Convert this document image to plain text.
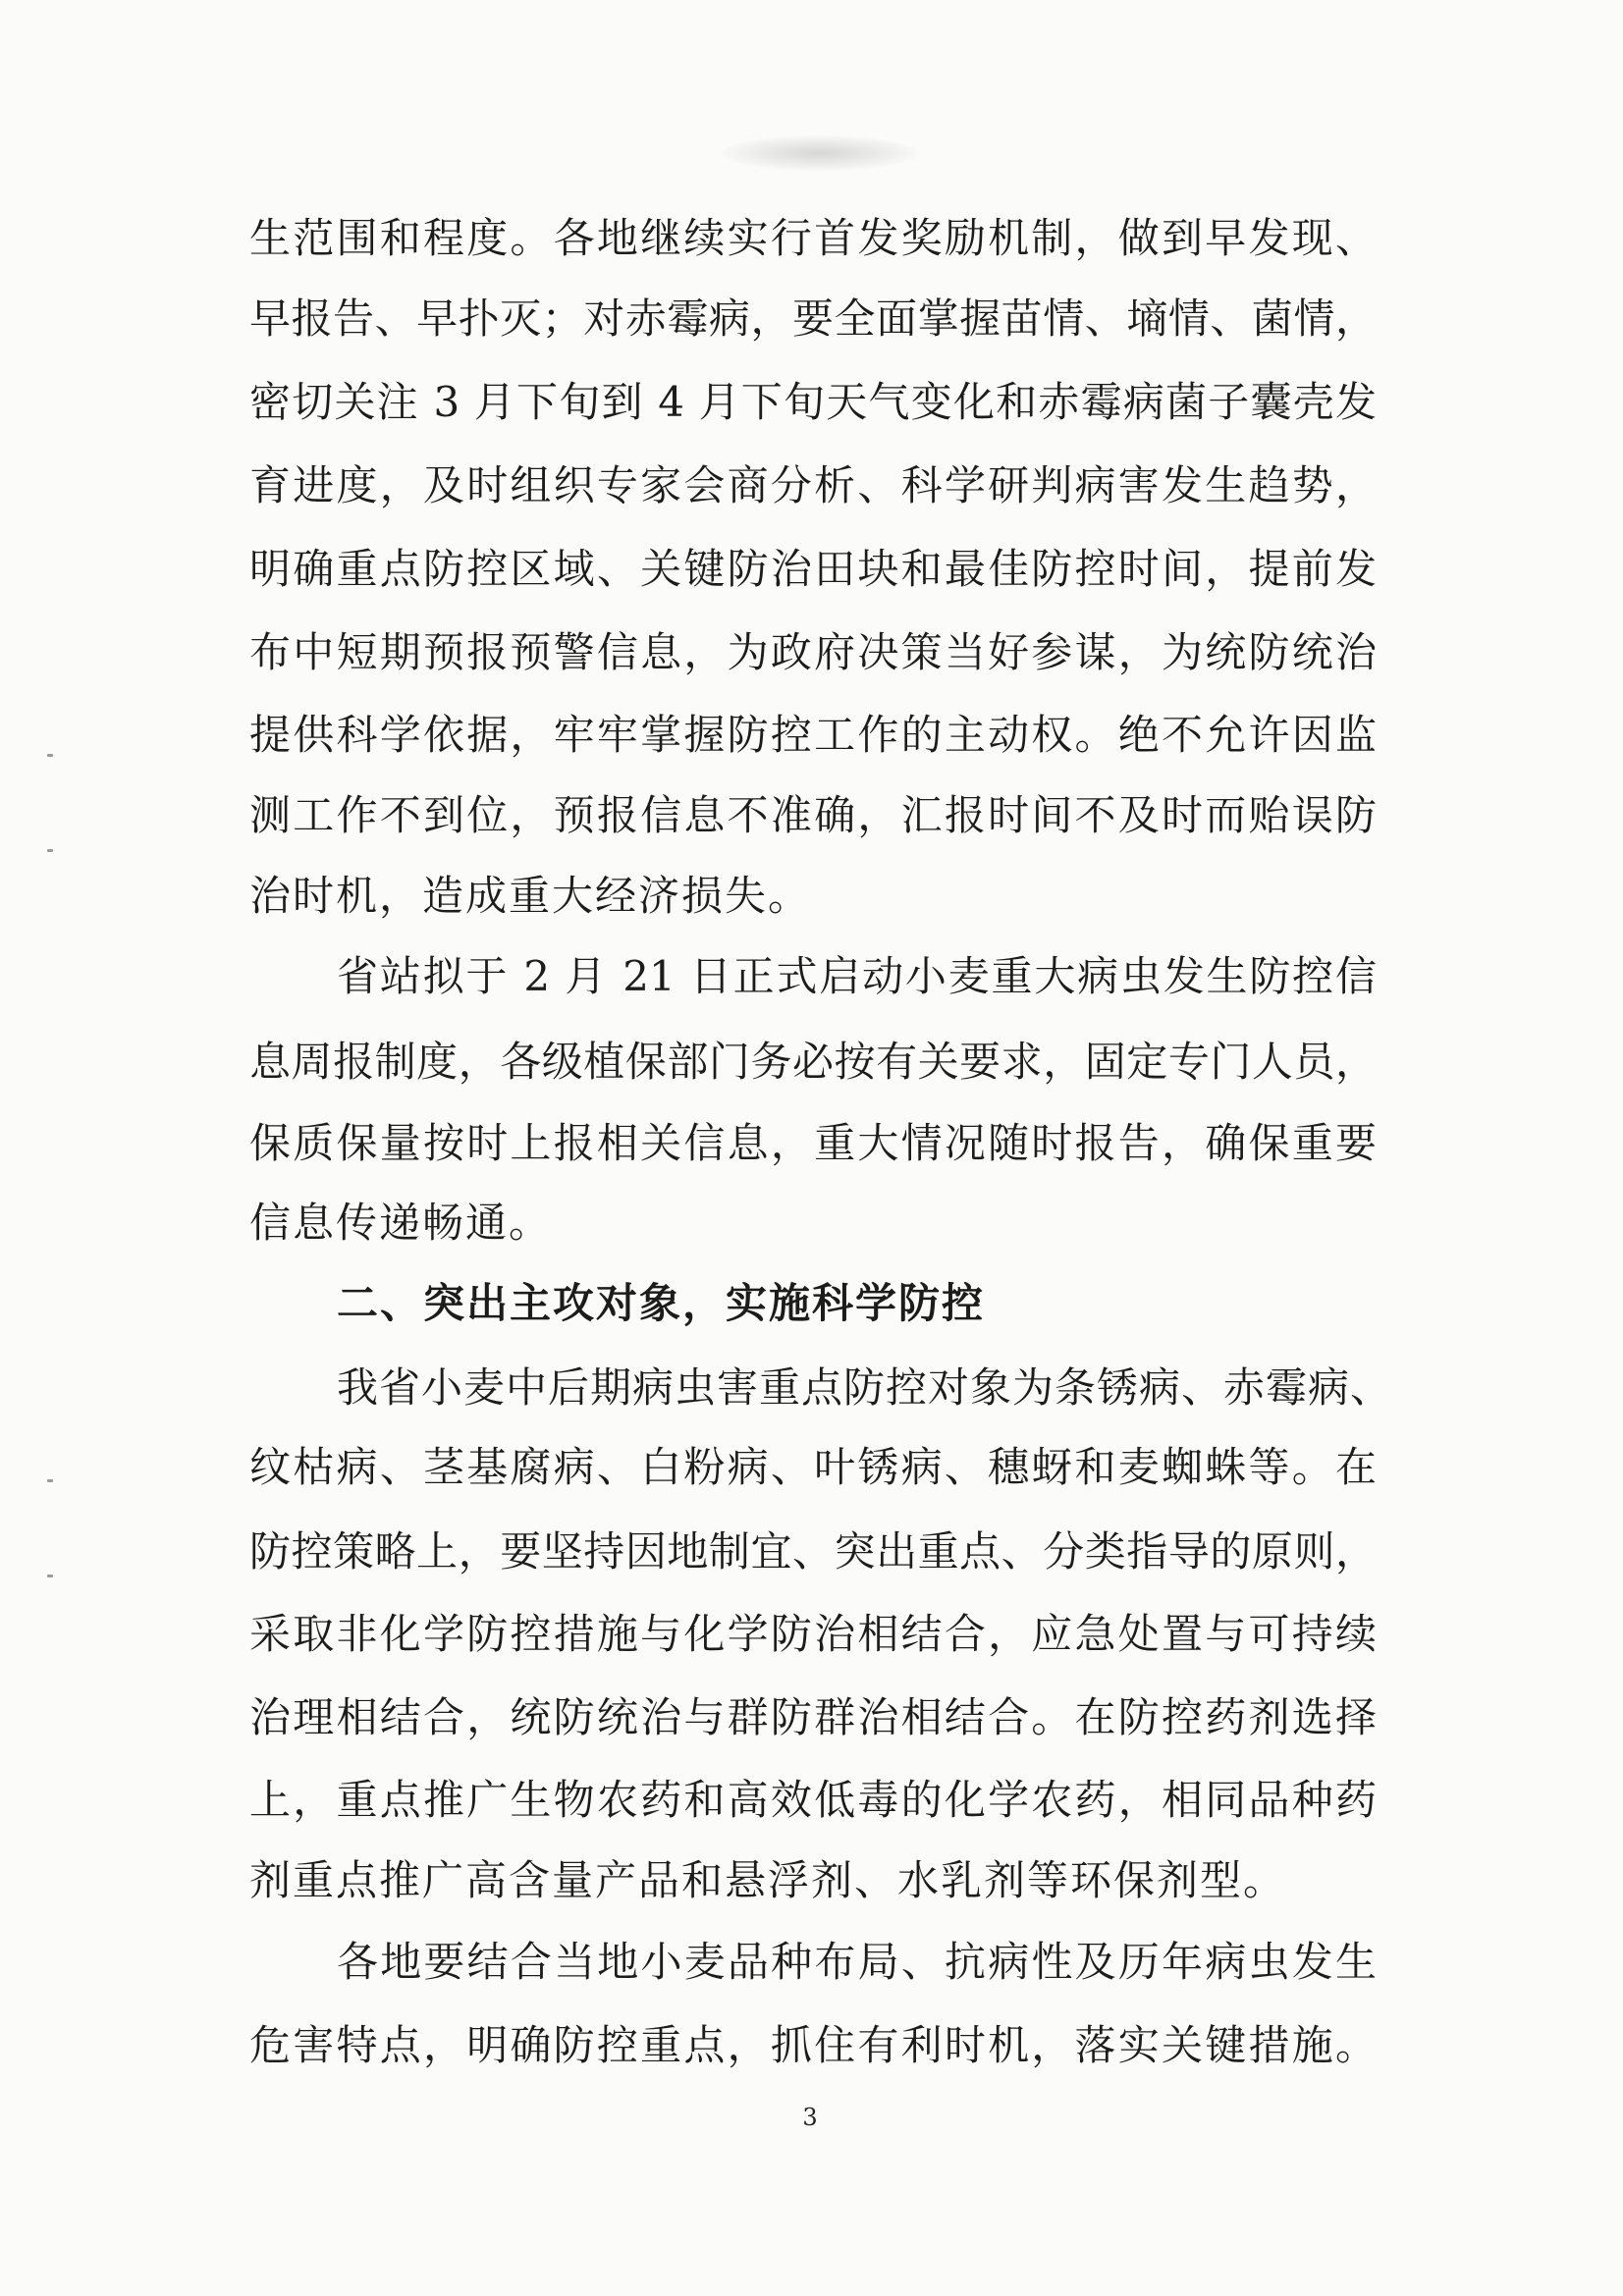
生范围和程度。各地继续实行首发奖励机制，做到早发现、
早报告、早扑灭；对赤霉病，要全面掌握苗情、墒情、菌情，
密切关注 3 月下旬到 4 月下旬天气变化和赤霉病菌子囊壳发
育进度，及时组织专家会商分析、科学研判病害发生趋势，
明确重点防控区域、关键防治田块和最佳防控时间，提前发
布中短期预报预警信息，为政府决策当好参谋，为统防统治
提供科学依据，牢牢掌握防控工作的主动权。绝不允许因监
测工作不到位，预报信息不准确，汇报时间不及时而贻误防
治时机，造成重大经济损失。
省站拟于 2 月 21 日正式启动小麦重大病虫发生防控信
息周报制度，各级植保部门务必按有关要求，固定专门人员，
保质保量按时上报相关信息，重大情况随时报告，确保重要
信息传递畅通。
二、突出主攻对象，实施科学防控
我省小麦中后期病虫害重点防控对象为条锈病、赤霉病、
纹枯病、茎基腐病、白粉病、叶锈病、穗蚜和麦蜘蛛等。在
防控策略上，要坚持因地制宜、突出重点、分类指导的原则，
采取非化学防控措施与化学防治相结合，应急处置与可持续
治理相结合，统防统治与群防群治相结合。在防控药剂选择
上，重点推广生物农药和高效低毒的化学农药，相同品种药
剂重点推广高含量产品和悬浮剂、水乳剂等环保剂型。
各地要结合当地小麦品种布局、抗病性及历年病虫发生
危害特点，明确防控重点，抓住有利时机，落实关键措施。
3
